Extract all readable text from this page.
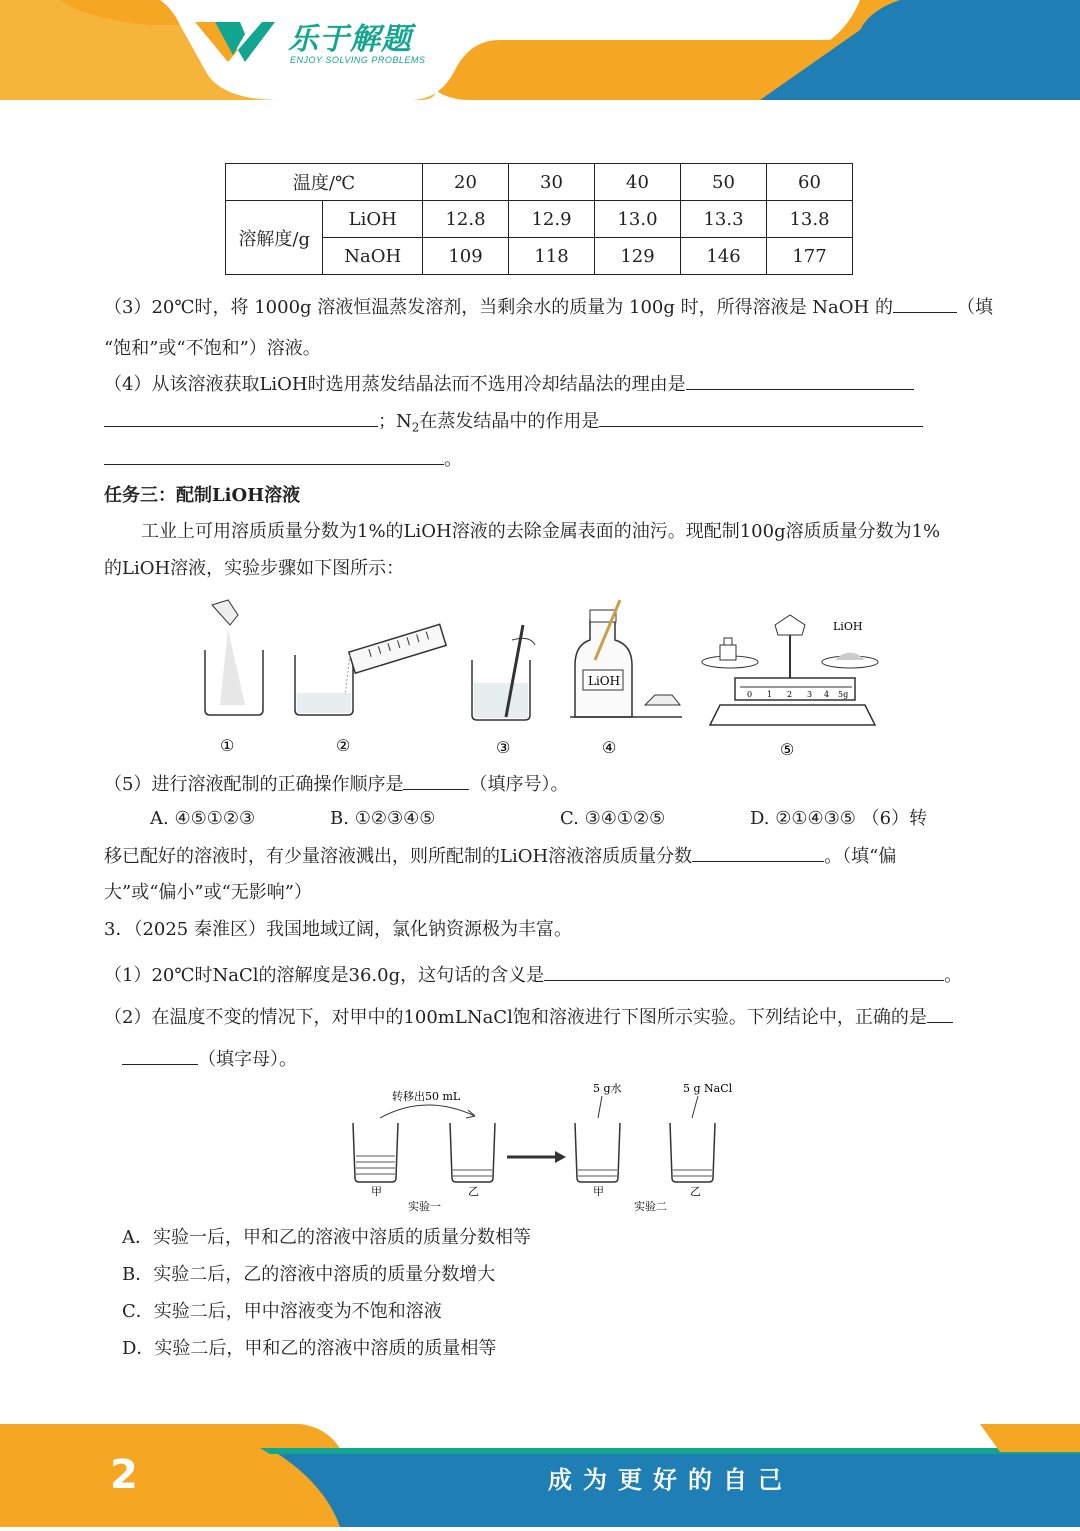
乐于解题
ENJOY SOLVING PROBLEMS
温度/℃		20	30	40	50	60
溶解度/g	LiOH	12.8	12.9	13.0	13.3	13.8
	NaOH	109	118	129	146	177
（3）20℃时，将 1000g 溶液恒温蒸发溶剂，当剩余水的质量为 100g 时，所得溶液是 NaOH 的	（填
“饱和”或“不饱和”）溶液。
（4）从该溶液获取LiOH时选用蒸发结晶法而不选用冷却结晶法的理由是
；$N_2$在蒸发结晶中的作用是
。
任务三：配制LiOH溶液
工业上可用溶质质量分数为1%的LiOH溶液的去除金属表面的油污。现配制100g溶质质量分数为1%
的LiOH溶液，实验步骤如下图所示：
①	②	③
LiOH
④
0 1 2 3 4 5g
LiOH
⑤
（5）进行溶液配制的正确操作顺序是	（填序号）。
A. ④⑤①②③	B. ①②③④⑤	C. ③④①②⑤	D. ②①④③⑤ （6）转
移已配好的溶液时，有少量溶液溅出，则所配制的LiOH溶液溶质质量分数	。（填“偏
大”或“偏小”或“无影响”）
3．（2025 秦淮区）我国地域辽阔，氯化钠资源极为丰富。
（1）20℃时NaCl的溶解度是36.0g，这句话的含义是	。
（2）在温度不变的情况下，对甲中的100mLNaCl饱和溶液进行下图所示实验。下列结论中，正确的是
（填字母）。
转移出50 mL
甲	乙
实验一
5 g水
甲
5 g NaCl
乙
实验二
A．实验一后，甲和乙的溶液中溶质的质量分数相等
B．实验二后，乙的溶液中溶质的质量分数增大
C．实验二后，甲中溶液变为不饱和溶液
D．实验二后，甲和乙的溶液中溶质的质量相等
2	成为更好的自己
